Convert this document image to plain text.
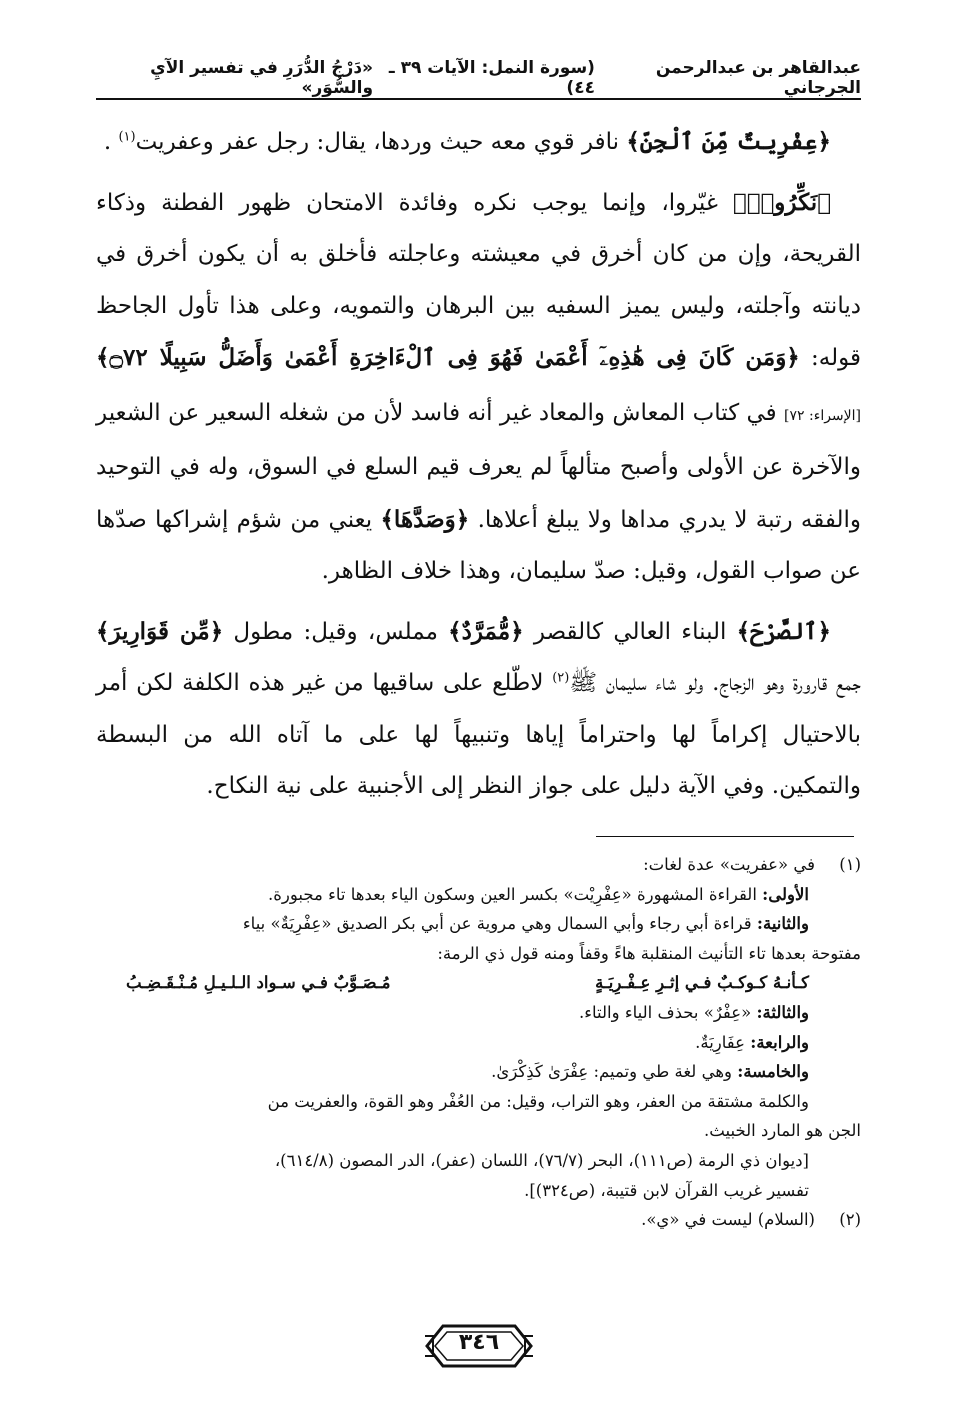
عبدالقاهر بن عبدالرحمن الجرجاني
(سورة النمل: الآيات ٣٩ ـ ٤٤)
«دَرْجُ الدُّرَرِ في تفسير الآيِ والسُّوَرِ»

﴿عِفْرِيتٌ مِّنَ ٱلْجِنِّ﴾ نافر قوي معه حيث وردها، يقال: رجل عفر وعفريت$^{(١)}$ .

﴿نَكِّرُوا۟﴾ غيّروا، وإنما يوجب نكره وفائدة الامتحان ظهور الفطنة وذكاء القريحة، وإن من كان أخرق في معيشته وعاجلته فأخلق به أن يكون أخرق في ديانته وآجلته، وليس يميز السفيه بين البرهان والتمويه، وعلى هذا تأول الجاحظ قوله: ﴿وَمَن كَانَ فِى هَٰذِهِۦٓ أَعْمَىٰ فَهُوَ فِى ٱلْءَاخِرَةِ أَعْمَىٰ وَأَضَلُّ سَبِيلًا ۝٧٢﴾ [الإسراء: ٧٢] في كتاب المعاش والمعاد غير أنه فاسد لأن من شغله السعير عن الشعير والآخرة عن الأولى وأصبح متألهاً لم يعرف قيم السلع في السوق، وله في التوحيد والفقه رتبة لا يدري مداها ولا يبلغ أعلاها. ﴿وَصَدَّهَا﴾ يعني من شؤم إشراكها صدّها عن صواب القول، وقيل: صدّ سليمان، وهذا خلاف الظاهر.

﴿ٱلصَّرْحَ﴾ البناء العالي كالقصر ﴿مُّمَرَّدٌ﴾ مملس، وقيل: مطول ﴿مِّن قَوَارِيرَ﴾ جمع قارورة وهو الزجاج. ولو شاء سليمان ﷺ$^{(٢)}$ لاطّلع على ساقيها من غير هذه الكلفة لكن أمر بالاحتيال إكراماً لها واحتراماً إياها وتنبيهاً لها على ما آتاه الله من البسطة والتمكين. وفي الآية دليل على جواز النظر إلى الأجنبية على نية النكاح.

(١)في «عفريت» عدة لغات:
الأولى: القراءة المشهورة «عِفْرِيْت» بكسر العين وسكون الياء بعدها تاء مجبورة.
والثانية: قراءة أبي رجاء وأبي السمال وهي مروية عن أبي بكر الصديق «عِفْرِيَةٌ» بياء
مفتوحة بعدها تاء التأنيث المنقلبة هاءً وقفاً ومنه قول ذي الرمة:
كـأنـهُ كـوكـبٌ فـي إثـرِ عِـفْـرِيَـةٍ
مُـصَـوَّبٌ فـي سـواد الـلـيـلِ مُـنْـقَـضِـبُ
والثالثة: «عِفْرٌ» بحذف الياء والتاء.
والرابعة: عِفَارِيَةٌ.
والخامسة: وهي لغة طي وتميم: عِفْرَىٰ كَذِكْرَىٰ.
والكلمة مشتقة من العفر، وهو التراب، وقيل: من العُفْر وهو القوة، والعفريت من
الجن هو المارد الخبيث.
[ديوان ذي الرمة (ص١١١)، البحر (٧٦/٧)، اللسان (عفر)، الدر المصون (٦١٤/٨)،
تفسير غريب القرآن لابن قتيبة، (ص٣٢٤)].
(٢)(السلام) ليست في «ي».
٣٤٦
